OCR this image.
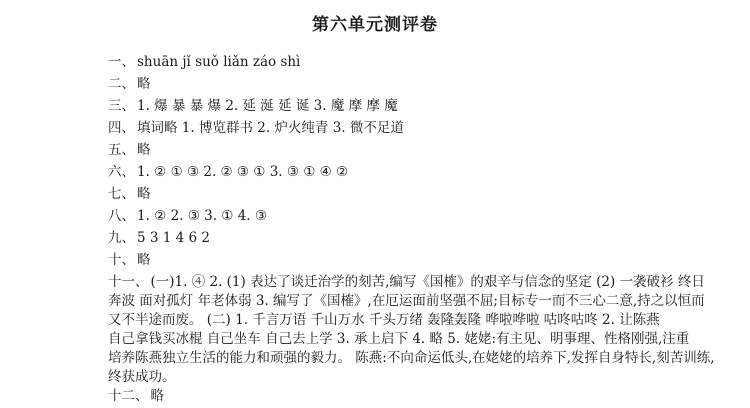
第六单元测评卷
一、 shuān jǐ suǒ liǎn záo shì
二、 略
三、 1. 爆 暴 暴 爆 2. 延 涎 延 诞 3. 魔 摩 摩 魔
四、 填词略 1. 博览群书 2. 炉火纯青 3. 微不足道
五、 略
六、 1. ② ① ③ 2. ② ③ ① 3. ③ ① ④ ②
七、 略
八、 1. ② 2. ③ 3. ① 4. ③
九、 5 3 1 4 6 2
十、 略
十一、 (一)1. ④ 2. (1) 表达了谈迁治学的刻苦,编写《国榷》的艰辛与信念的坚定 (2) 一袭破衫 终日
奔波 面对孤灯 年老体弱 3. 编写了《国榷》,在厄运面前坚强不屈;目标专一而不三心二意,持之以恒而
又不半途而废。 (二) 1. 千言万语 千山万水 千头万绪 轰隆轰隆 哗啦哗啦 咕咚咕咚 2. 让陈燕
自己拿钱买冰棍 自己坐车 自己去上学 3. 承上启下 4. 略 5. 姥姥:有主见、明事理、性格刚强,注重
培养陈燕独立生活的能力和顽强的毅力。 陈燕:不向命运低头,在姥姥的培养下,发挥自身特长,刻苦训练,
终获成功。
十二、 略
